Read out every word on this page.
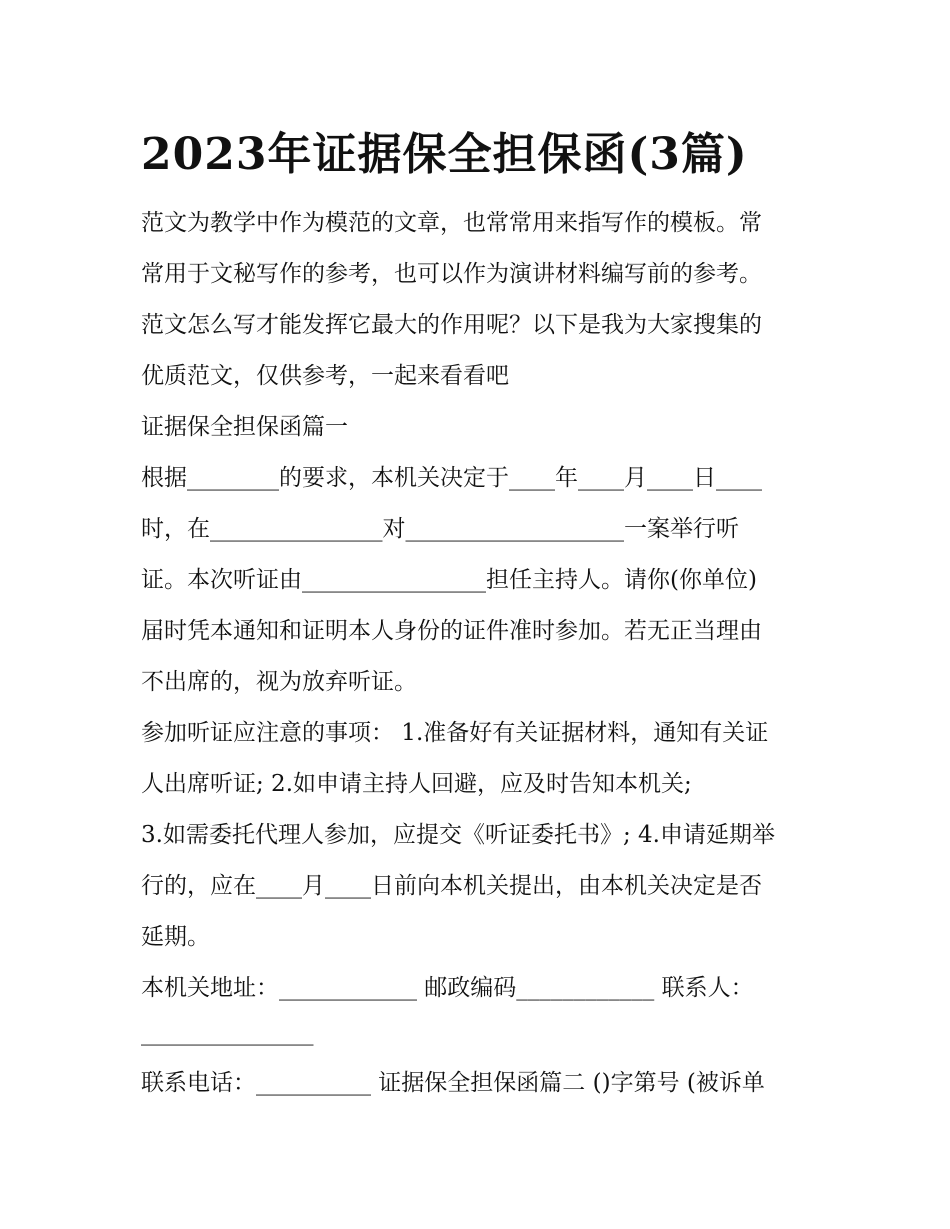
2023年证据保全担保函(3篇)
范文为教学中作为模范的文章，也常常用来指写作的模板。常
常用于文秘写作的参考，也可以作为演讲材料编写前的参考。
范文怎么写才能发挥它最大的作用呢？以下是我为大家搜集的
优质范文，仅供参考，一起来看看吧
证据保全担保函篇一
根据________的要求，本机关决定于____年____月____日____
时，在_______________对___________________一案举行听
证。本次听证由________________担任主持人。请你(你单位)
届时凭本通知和证明本人身份的证件准时参加。若无正当理由
不出席的，视为放弃听证。
参加听证应注意的事项： 1.准备好有关证据材料，通知有关证
人出席听证; 2.如申请主持人回避，应及时告知本机关;
3.如需委托代理人参加，应提交《听证委托书》; 4.申请延期举
行的，应在____月____日前向本机关提出，由本机关决定是否
延期。
本机关地址：____________ 邮政编码____________ 联系人：
_______________
联系电话：__________ 证据保全担保函篇二 ()字第号 (被诉单
